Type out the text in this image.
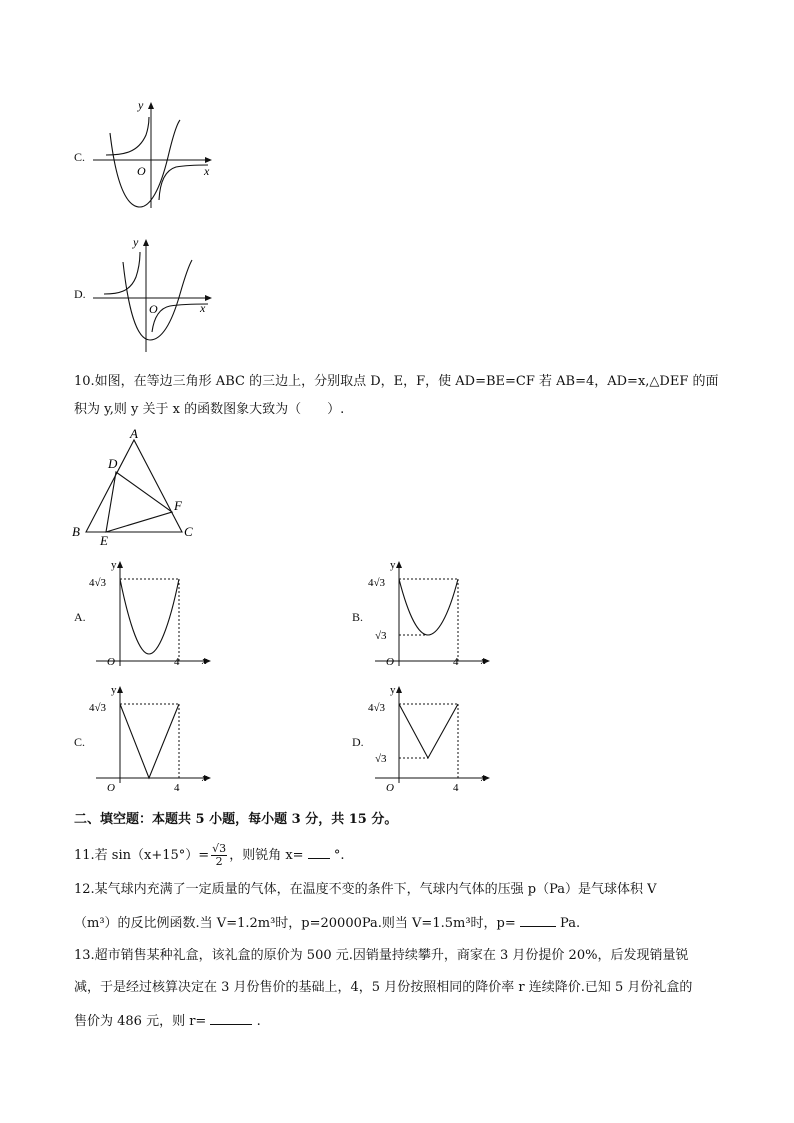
C.
y
x
O
D.
y
x
O
10.如图，在等边三角形 ABC 的三边上，分别取点 D，E，F，使 AD=BE=CF 若 AB=4，AD=x,△DEF 的面
积为 y,则 y 关于 x 的函数图象大致为（　　）.
A
B	C
D
E
F
A.
y
x
O
4√3
4
B.
y
x
O
4√3
√3
4
C.
y
x
O
4√3
4
D.
y
x
O
4√3
√3
4
二、填空题：本题共 5 小题，每小题 3 分，共 15 分。
11.若 $\sin(x+15^\circ)= \frac{√3}{2}$ ，则锐角 x= °.
12.某气球内充满了一定质量的气体，在温度不变的条件下，气球内气体的压强 p（Pa）是气球体积 V
（m³）的反比例函数.当 V=1.2m³时，p=20000Pa.则当 V=1.5m³时，p=	Pa.
13.超市销售某种礼盒，该礼盒的原价为 500 元.因销量持续攀升，商家在 3 月份提价 20%，后发现销量锐
减，于是经过核算决定在 3 月份售价的基础上，4，5 月份按照相同的降价率 r 连续降价.已知 5 月份礼盒的
售价为 486 元，则 r=	.
